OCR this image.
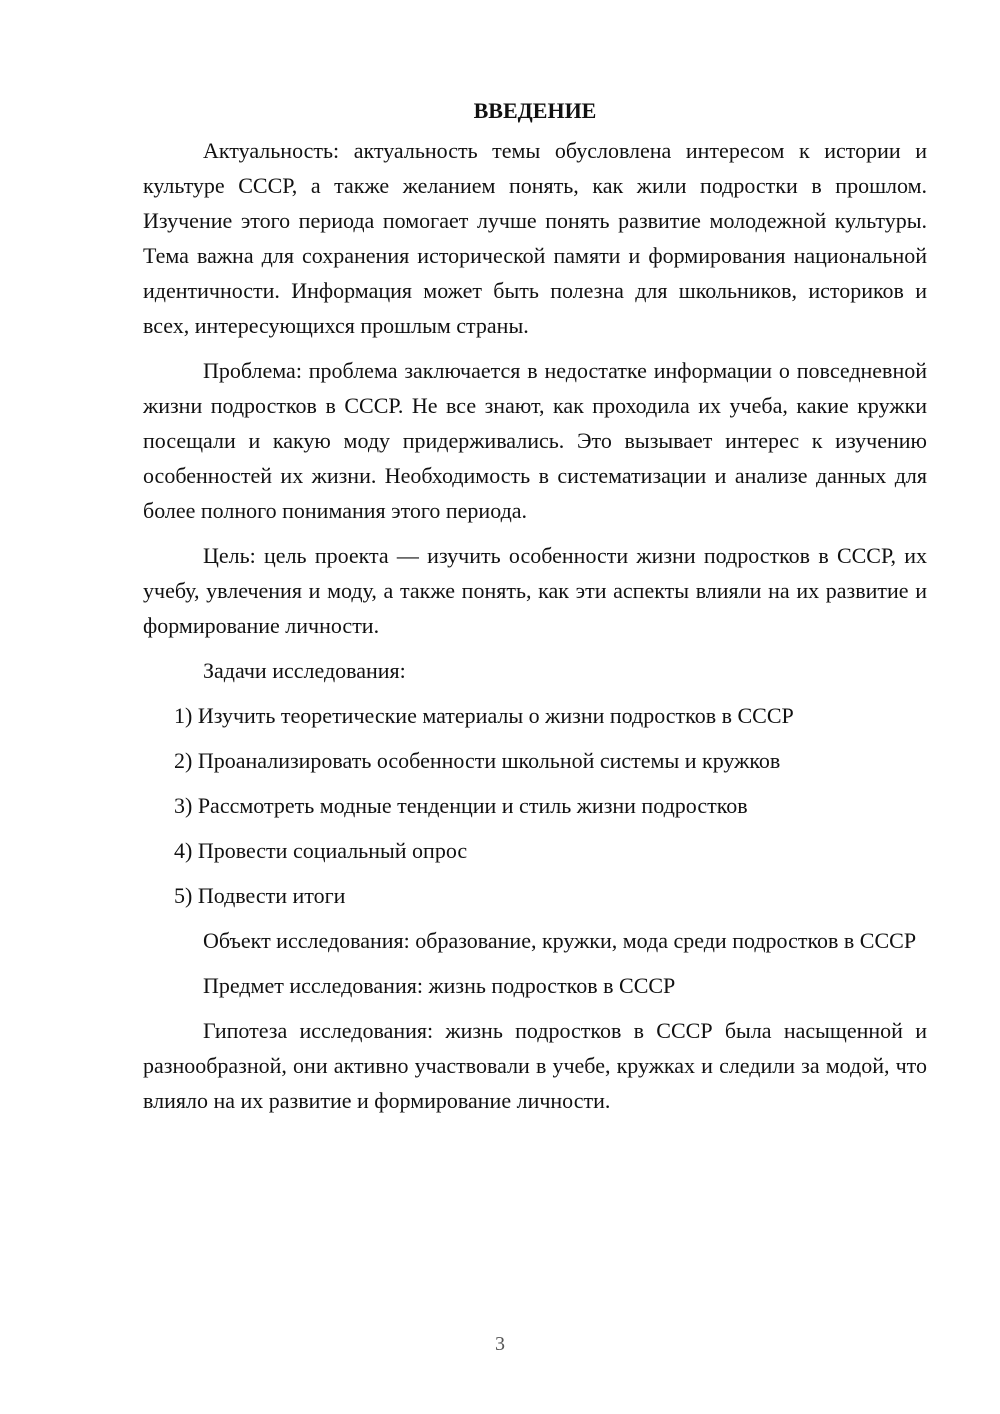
ВВЕДЕНИЕ

Актуальность: актуальность темы обусловлена интересом к истории и культуре СССР, а также желанием понять, как жили подростки в прошлом. Изучение этого периода помогает лучше понять развитие молодежной культуры. Тема важна для сохранения исторической памяти и формирования национальной идентичности. Информация может быть полезна для школьников, историков и всех, интересующихся прошлым страны.

Проблема: проблема заключается в недостатке информации о повседневной жизни подростков в СССР. Не все знают, как проходила их учеба, какие кружки посещали и какую моду придерживались. Это вызывает интерес к изучению особенностей их жизни. Необходимость в систематизации и анализе данных для более полного понимания этого периода.

Цель: цель проекта — изучить особенности жизни подростков в СССР, их учебу, увлечения и моду, а также понять, как эти аспекты влияли на их развитие и формирование личности.

Задачи исследования:

1) Изучить теоретические материалы о жизни подростков в СССР
2) Проанализировать особенности школьной системы и кружков
3) Рассмотреть модные тенденции и стиль жизни подростков
4) Провести социальный опрос
5) Подвести итоги

Объект исследования: образование, кружки, мода среди подростков в СССР

Предмет исследования: жизнь подростков в СССР

Гипотеза исследования: жизнь подростков в СССР была насыщенной и разнообразной, они активно участвовали в учебе, кружках и следили за модой, что влияло на их развитие и формирование личности.

3
